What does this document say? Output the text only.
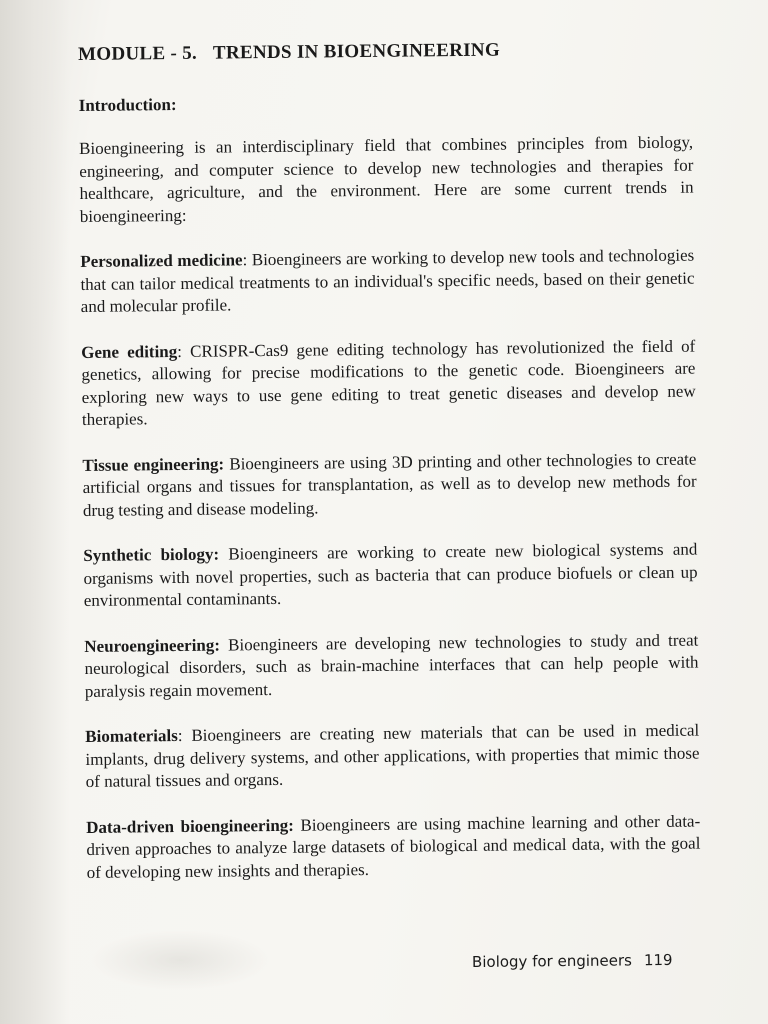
MODULE - 5. TRENDS IN BIOENGINEERING
Introduction:

Bioengineering is an interdisciplinary field that combines principles from biology, engineering, and computer science to develop new technologies and therapies for healthcare, agriculture, and the environment. Here are some current trends in bioengineering:

Personalized medicine: Bioengineers are working to develop new tools and technologies that can tailor medical treatments to an individual's specific needs, based on their genetic and molecular profile.

Gene editing: CRISPR-Cas9 gene editing technology has revolutionized the field of genetics, allowing for precise modifications to the genetic code. Bioengineers are exploring new ways to use gene editing to treat genetic diseases and develop new therapies.

Tissue engineering: Bioengineers are using 3D printing and other technologies to create artificial organs and tissues for transplantation, as well as to develop new methods for drug testing and disease modeling.

Synthetic biology: Bioengineers are working to create new biological systems and organisms with novel properties, such as bacteria that can produce biofuels or clean up environmental contaminants.

Neuroengineering: Bioengineers are developing new technologies to study and treat neurological disorders, such as brain-machine interfaces that can help people with paralysis regain movement.

Biomaterials: Bioengineers are creating new materials that can be used in medical implants, drug delivery systems, and other applications, with properties that mimic those of natural tissues and organs.

Data-driven bioengineering: Bioengineers are using machine learning and other data-driven approaches to analyze large datasets of biological and medical data, with the goal of developing new insights and therapies.

Biology for engineers 119
